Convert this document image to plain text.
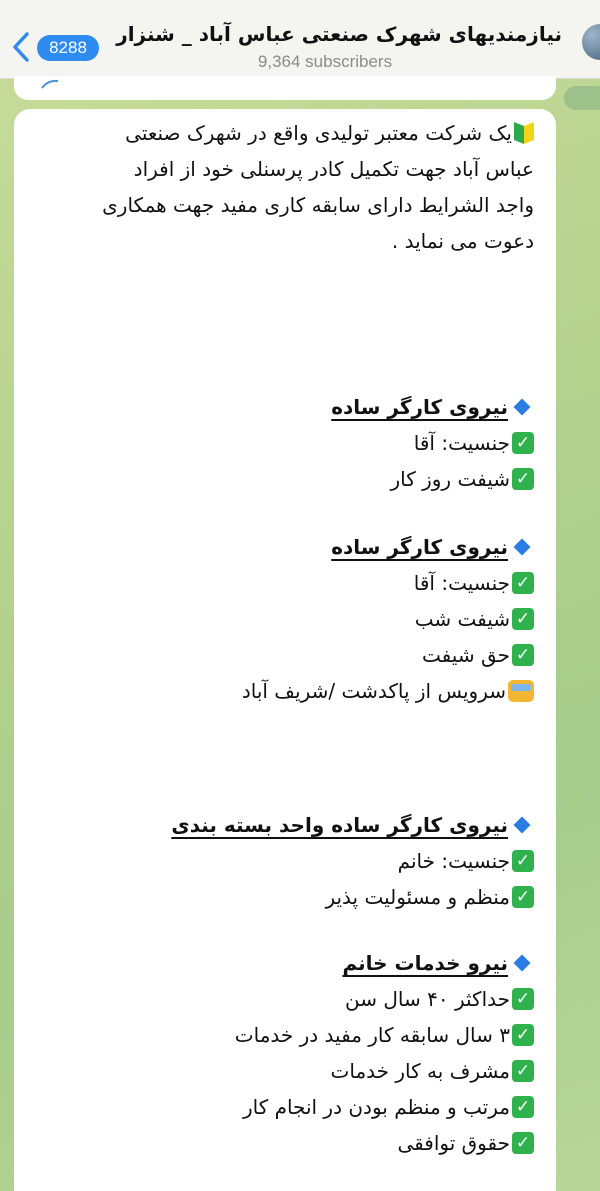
8288
نیازمندیهای شهرک صنعتی عباس آباد _ شنزار
9,364 subscribers
یک شرکت معتبر تولیدی واقع در شهرک صنعتی
عباس آباد جهت تکمیل کادر پرسنلی خود از افراد
واجد الشرایط دارای سابقه کاری مفید جهت همکاری
دعوت می نماید .
نیروی کارگر ساده
✓
جنسیت: آقا
✓
شیفت روز کار
نیروی کارگر ساده
✓
جنسیت: آقا
✓
شیفت شب
✓
حق شیفت
سرویس از پاکدشت /شریف آباد
نیروی کارگر ساده واحد بسته بندی
✓
جنسیت: خانم
✓
منظم و مسئولیت پذیر
نیرو خدمات خانم
✓
حداکثر ۴۰ سال سن
✓
۳ سال سابقه کار مفید در خدمات
✓
مشرف به کار خدمات
✓
مرتب و منظم بودن در انجام کار
✓
حقوق توافقی
